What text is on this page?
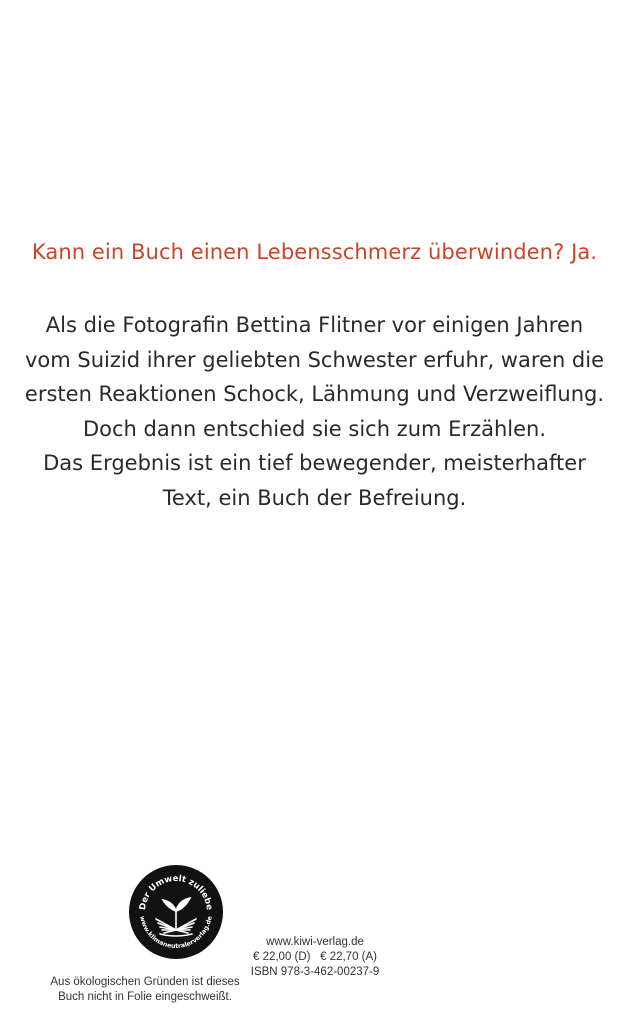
Kann ein Buch einen Lebensschmerz überwinden? Ja.
Als die Fotografin Bettina Flitner vor einigen Jahren
vom Suizid ihrer geliebten Schwester erfuhr, waren die
ersten Reaktionen Schock, Lähmung und Verzweiflung.
Doch dann entschied sie sich zum Erzählen.
Das Ergebnis ist ein tief bewegender, meisterhafter
Text, ein Buch der Befreiung.
Der Umwelt zuliebe
www.klimaneutralerverlag.de
Aus ökologischen Gründen ist dieses
Buch nicht in Folie eingeschweißt.
www.kiwi-verlag.de
€ 22,00 (D)   € 22,70 (A)
ISBN 978-3-462-00237-9
